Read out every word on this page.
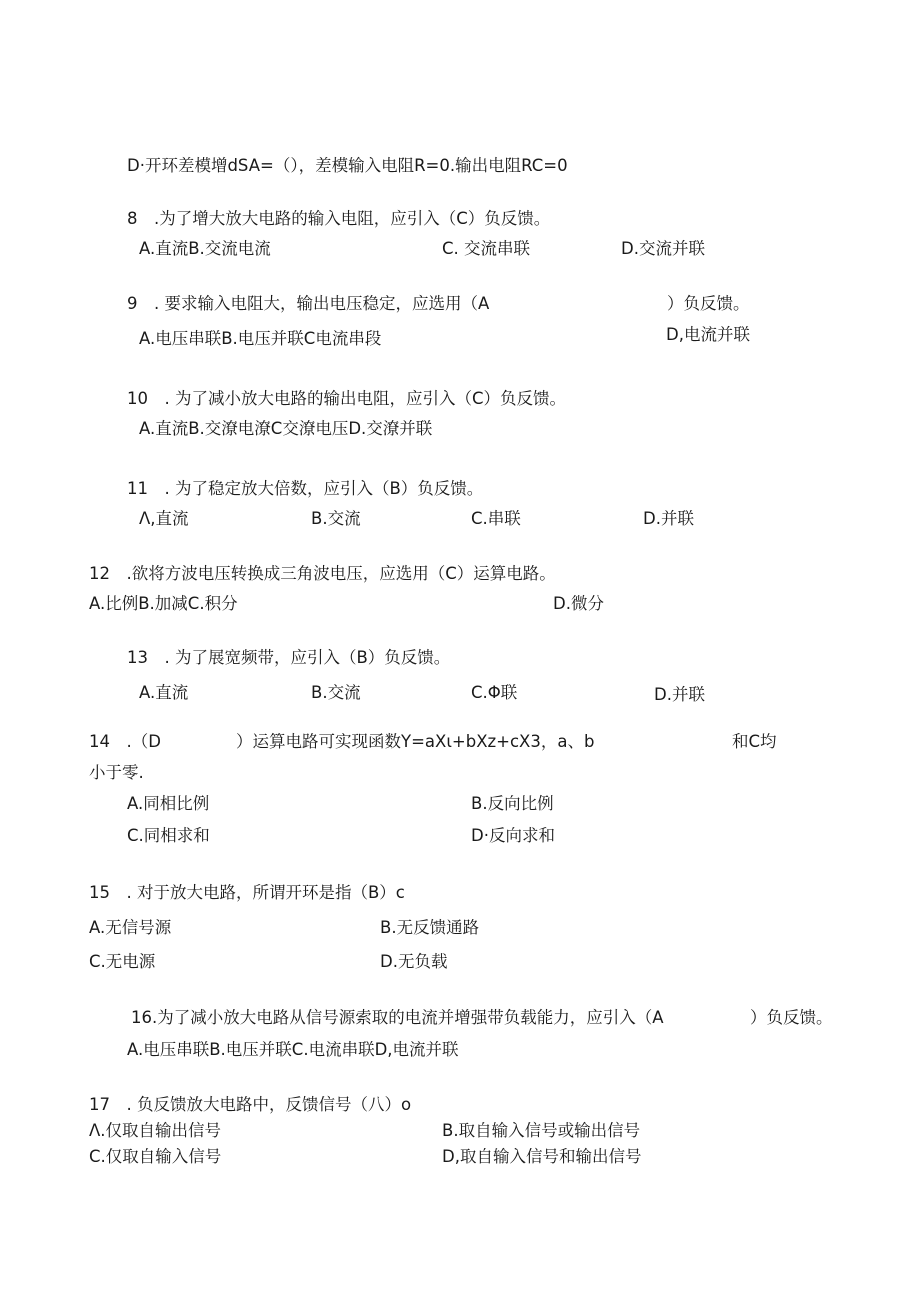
D·开环差模增dSA=（），差模输入电阻R=0.输出电阻RC=0
8　.为了增大放大电路的输入电阻，应引入（C）负反馈。
A.直流B.交流电流	C. 交流串联	D.交流并联
9　. 要求输入电阻大，输出电压稳定，应选用（A	）负反馈。
A.电压串联B.电压并联C电流串段	D,电流并联
10　. 为了减小放大电路的输出电阻，应引入（C）负反馈。
A.直流B.交潦电潦C交潦电压D.交潦并联
11　. 为了稳定放大倍数，应引入（B）负反馈。
Λ,直流	B.交流	C.串联	D.并联
12　.欲将方波电压转换成三角波电压，应选用（C）运算电路。
A.比例B.加减C.积分	D.微分
13　. 为了展宽频带，应引入（B）负反馈。
A.直流	B.交流	C.Φ联	D.并联
14　.（D	）运算电路可实现函数Y=aXι+bXz+cX3，a、b	和C均
小于零.
A.同相比例	B.反向比例
C.同相求和	D·反向求和
15　. 对于放大电路，所谓开环是指（B）c
A.无信号源	B.无反馈通路
C.无电源	D.无负载
16.为了减小放大电路从信号源索取的电流并增强带负载能力，应引入（A	）负反馈。
A.电压串联B.电压并联C.电流串联D,电流并联
17　. 负反馈放大电路中，反馈信号（八）o
Λ.仅取自输出信号	B.取自输入信号或输出信号
C.仅取自输入信号	D,取自输入信号和输出信号
